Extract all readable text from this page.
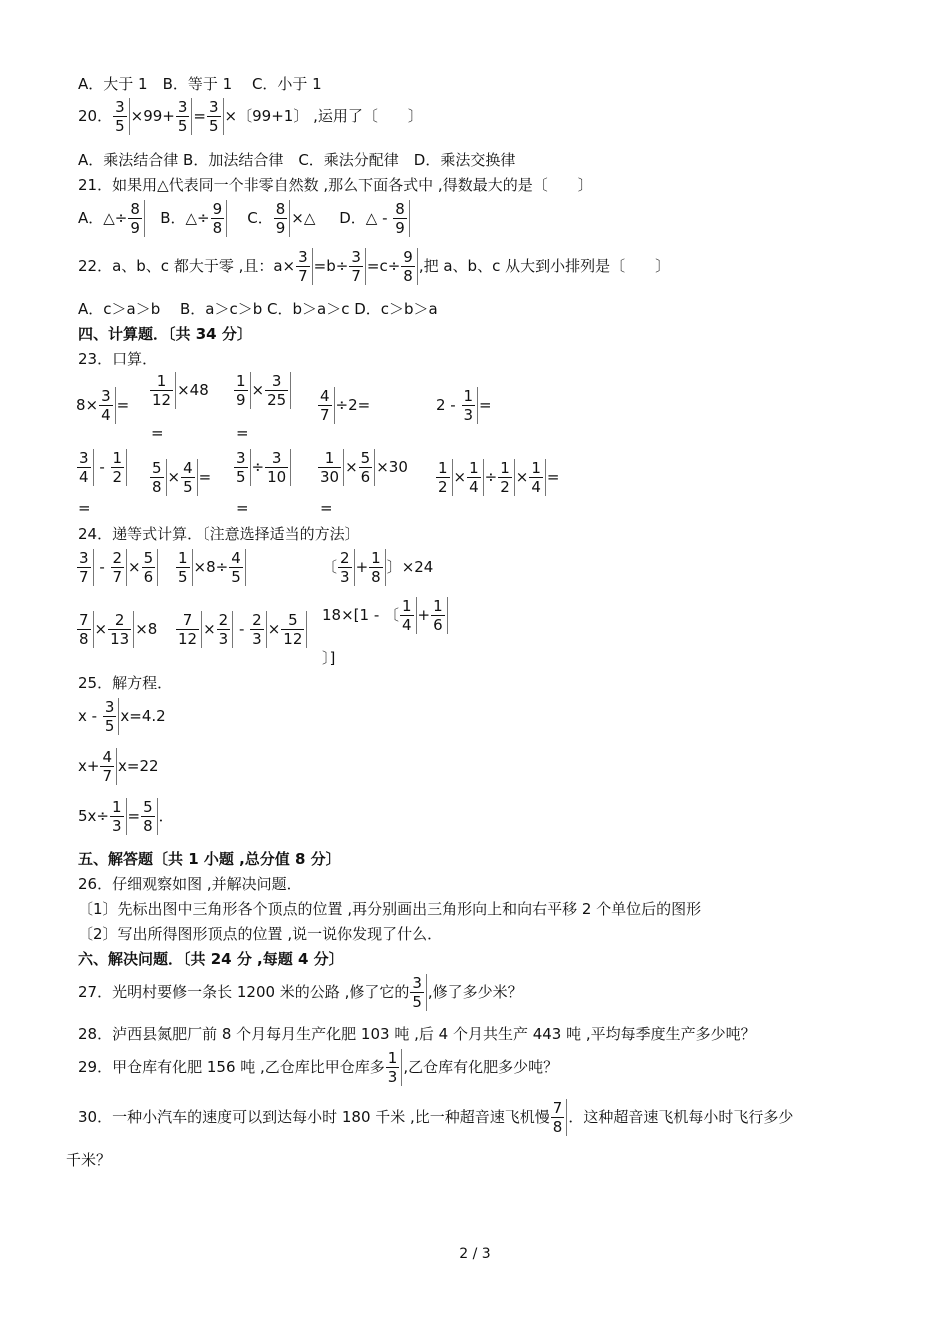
A．大于 1　B．等于 1　 C．小于 1
20． $\frac{3}{5} \times 99+ \frac{3}{5} = \frac{3}{5}$ ×〔99+1〕 ,运用了〔　　〕
A．乘法结合律 B．加法结合律　C．乘法分配律　D．乘法交换律
21．如果用△代表同一个非零自然数 ,那么下面各式中 ,得数最大的是〔　　〕
A．△÷ $\frac{8}{9}$ B．△÷ $\frac{9}{8}$ C． $\frac{8}{9}$ ×△ D．△ - $\frac{8}{9}$
22．a、b、c 都大于零 ,且：$a\times \frac{3}{7} =b\div \frac{3}{7} =c\div \frac{9}{8}$ ,把 a、b、c 从大到小排列是〔　　〕
A．c＞a＞b　 B．a＞c＞b C．b＞a＞c D．c＞b＞a
四、计算题．〔共 34 分〕
23．口算．
$8\times \frac{3}{4} = \frac{1}{12} \times 48$
=
$\frac{1}{9} \times \frac{3}{25}$
=
$\frac{4}{7} \div 2=$	$2 - \frac{1}{3}$ =
$\frac{3}{4} - \frac{1}{2}$
=
$\frac{5}{8} \times \frac{4}{5} = \frac{3}{5} \div \frac{3}{10}$
=
$\frac{1}{30} \times \frac{5}{6} \times 30$
=
$\frac{1}{2} \times \frac{1}{4} \div \frac{1}{2} \times \frac{1}{4}$ =
24．递等式计算．〔注意选择适当的方法〕
$\frac{3}{7} - \frac{2}{7} \times \frac{5}{6} \frac{1}{5} \times 8\div \frac{4}{5}$	〔 $\frac{2}{3} + \frac{1}{8}$ 〕×24
$\frac{7}{8} \times \frac{2}{13} \times 8 \frac{7}{12} \times \frac{2}{3} - \frac{2}{3} \times \frac{5}{12} 18\times[1$ - 〔 $\frac{1}{4} + \frac{1}{6}$
〕]
25．解方程．
$x - \frac{3}{5} x=4.2$
$x+ \frac{4}{7} x=22$
$5x\div \frac{1}{3} = \frac{5}{8}$ ．
五、解答题〔共 1 小题 ,总分值 8 分〕
26．仔细观察如图 ,并解决问题．
〔1〕先标出图中三角形各个顶点的位置 ,再分别画出三角形向上和向右平移 2 个单位后的图形
〔2〕写出所得图形顶点的位置 ,说一说你发现了什么．
六、解决问题．〔共 24 分 ,每题 4 分〕
27．光明村要修一条长 1200 米的公路 ,修了它的 $\frac{3}{5}$ ,修了多少米？
28．泸西县氮肥厂前 8 个月每月生产化肥 103 吨 ,后 4 个月共生产 443 吨 ,平均每季度生产多少吨？
29．甲仓库有化肥 156 吨 ,乙仓库比甲仓库多 $\frac{1}{3}$ ,乙仓库有化肥多少吨？
30．一种小汽车的速度可以到达每小时 180 千米 ,比一种超音速飞机慢 $\frac{7}{8}$ ．这种超音速飞机每小时飞行多少
千米？
2 / 3
